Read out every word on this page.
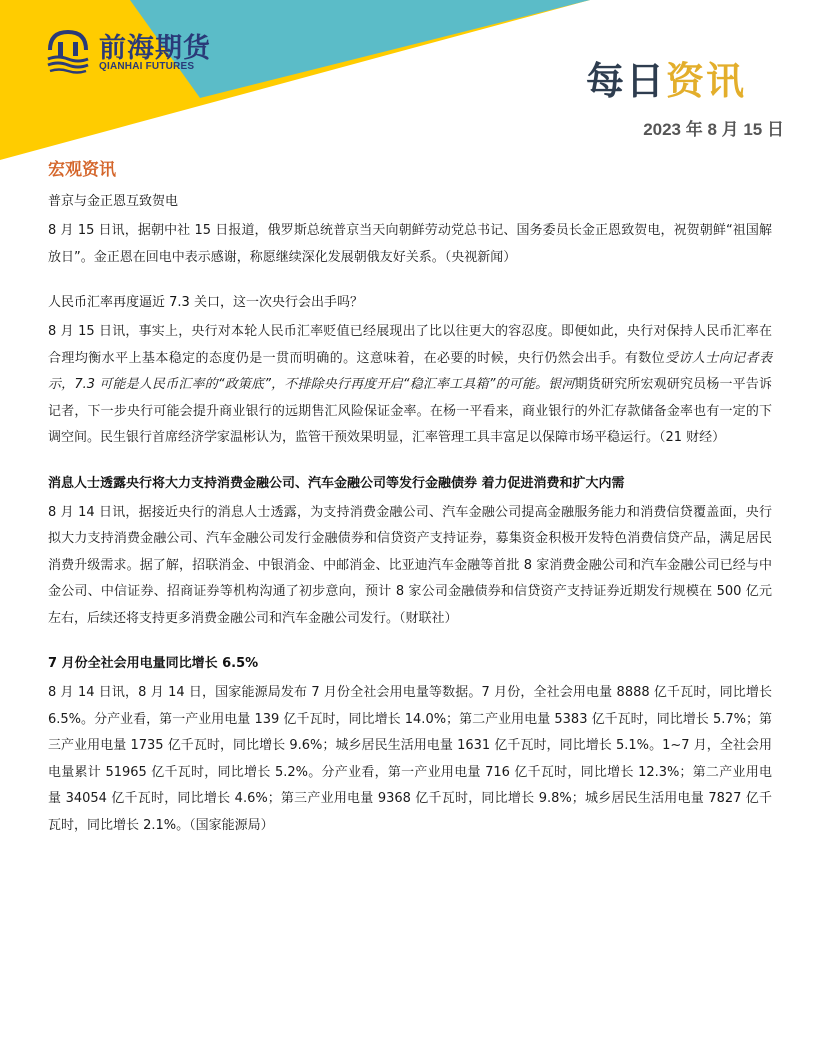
前海期货
QIANHAI FUTURES	每日资讯
2023 年 8 月 15 日
宏观资讯
普京与金正恩互致贺电

8 月 15 日讯，据朝中社 15 日报道，俄罗斯总统普京当天向朝鲜劳动党总书记、国务委员长金正恩致贺电，祝贺朝鲜“祖国解放日”。金正恩在回电中表示感谢，称愿继续深化发展朝俄友好关系。（央视新闻）

人民币汇率再度逼近 7.3 关口，这一次央行会出手吗？

8 月 15 日讯，事实上，央行对本轮人民币汇率贬值已经展现出了比以往更大的容忍度。即便如此，央行对保持人民币汇率在合理均衡水平上基本稳定的态度仍是一贯而明确的。这意味着，在必要的时候，央行仍然会出手。有数位受访人士向记者表示，7.3 可能是人民币汇率的“政策底”，不排除央行再度开启“稳汇率工具箱”的可能。银河期货研究所宏观研究员杨一平告诉记者，下一步央行可能会提升商业银行的远期售汇风险保证金率。在杨一平看来，商业银行的外汇存款储备金率也有一定的下调空间。民生银行首席经济学家温彬认为，监管干预效果明显，汇率管理工具丰富足以保障市场平稳运行。（21 财经）

消息人士透露央行将大力支持消费金融公司、汽车金融公司等发行金融债券 着力促进消费和扩大内需

8 月 14 日讯，据接近央行的消息人士透露，为支持消费金融公司、汽车金融公司提高金融服务能力和消费信贷覆盖面，央行拟大力支持消费金融公司、汽车金融公司发行金融债券和信贷资产支持证券，募集资金积极开发特色消费信贷产品，满足居民消费升级需求。据了解，招联消金、中银消金、中邮消金、比亚迪汽车金融等首批 8 家消费金融公司和汽车金融公司已经与中金公司、中信证券、招商证券等机构沟通了初步意向，预计 8 家公司金融债券和信贷资产支持证券近期发行规模在 500 亿元左右，后续还将支持更多消费金融公司和汽车金融公司发行。（财联社）

7 月份全社会用电量同比增长 6.5%

8 月 14 日讯，8 月 14 日，国家能源局发布 7 月份全社会用电量等数据。7 月份，全社会用电量 8888 亿千瓦时，同比增长 6.5%。分产业看，第一产业用电量 139 亿千瓦时，同比增长 14.0%；第二产业用电量 5383 亿千瓦时，同比增长 5.7%；第三产业用电量 1735 亿千瓦时，同比增长 9.6%；城乡居民生活用电量 1631 亿千瓦时，同比增长 5.1%。1~7 月，全社会用电量累计 51965 亿千瓦时，同比增长 5.2%。分产业看，第一产业用电量 716 亿千瓦时，同比增长 12.3%；第二产业用电量 34054 亿千瓦时，同比增长 4.6%；第三产业用电量 9368 亿千瓦时，同比增长 9.8%；城乡居民生活用电量 7827 亿千瓦时，同比增长 2.1%。（国家能源局）
